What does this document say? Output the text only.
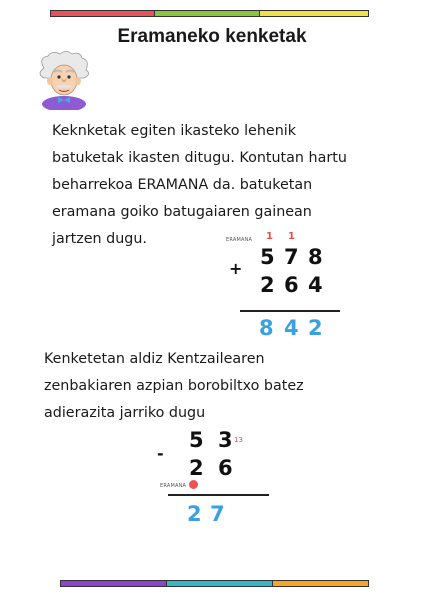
Eramaneko kenketak
Keknketak egiten ikasteko lehenik
batuketak ikasten ditugu. Kontutan hartu
beharrekoa ERAMANA da. batuketan
eramana goiko batugaiaren gainean
jartzen dugu.	ERAMANA 1 1
+ 5 7 8
2 6 4
8 4 2
Kenketetan aldiz Kentzailearen
zenbakiaren azpian borobiltxo batez
adierazita jarriko dugu
5 3 13
-
2 6
ERAMANA
2 7
